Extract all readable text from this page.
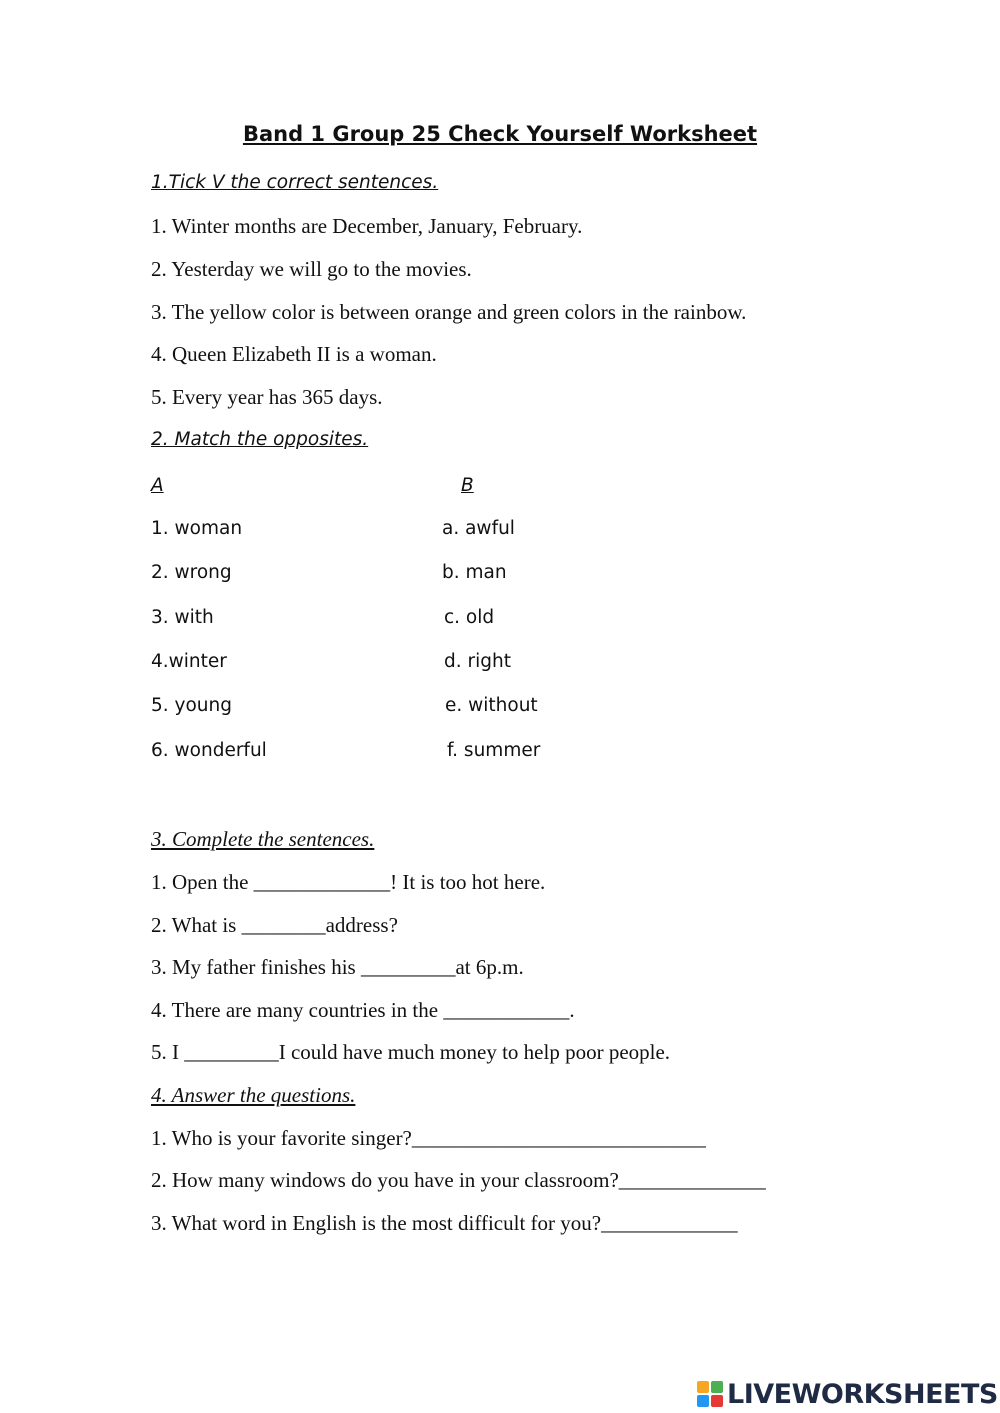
Band 1 Group 25 Check Yourself Worksheet
1.Tick V the correct sentences.
1. Winter months are December, January, February.
2. Yesterday we will go to the movies.
3. The yellow color is between orange and green colors in the rainbow.
4. Queen Elizabeth II is a woman.
5. Every year has 365 days.
2. Match the opposites.
A	B
1. woman
2. wrong
3. with
4.winter
5. young
6. wonderful
a. awful
b. man
c. old
d. right
e. without
f. summer
3. Complete the sentences.
1. Open the _____________! It is too hot here.
2. What is ________address?
3. My father finishes his _________at 6p.m.
4. There are many countries in the ____________.
5. I _________I could have much money to help poor people.
4. Answer the questions.
1. Who is your favorite singer?____________________________
2. How many windows do you have in your classroom?______________
3. What word in English is the most difficult for you?_____________
LIVEWORKSHEETS
